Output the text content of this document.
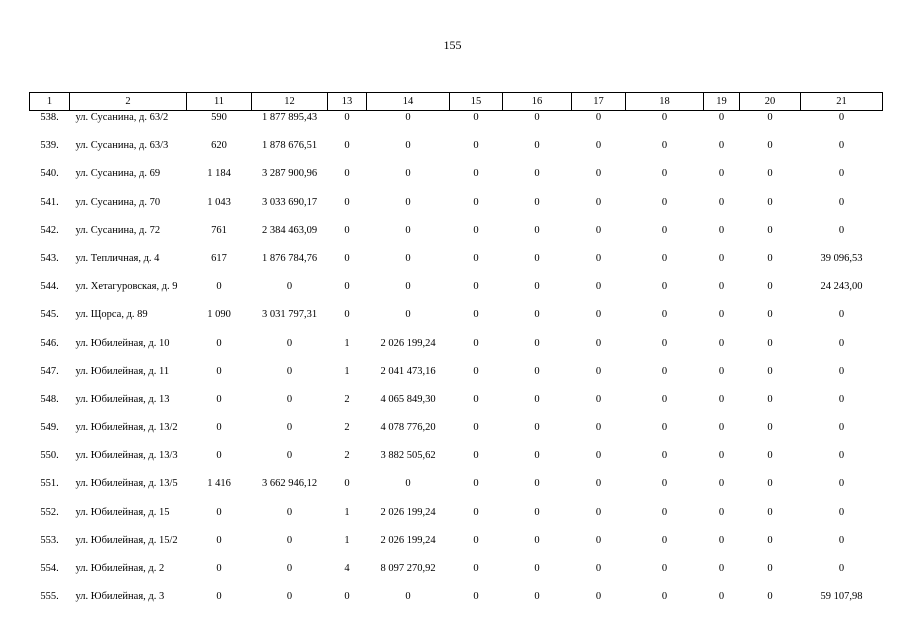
155
1	2	11	12	13	14	15	16	17	18	19	20	21
538.	ул. Сусанина, д. 63/2	590	1 877 895,43	0	0	0	0	0	0	0	0	0
539.	ул. Сусанина, д. 63/3	620	1 878 676,51	0	0	0	0	0	0	0	0	0
540.	ул. Сусанина, д. 69	1 184	3 287 900,96	0	0	0	0	0	0	0	0	0
541.	ул. Сусанина, д. 70	1 043	3 033 690,17	0	0	0	0	0	0	0	0	0
542.	ул. Сусанина, д. 72	761	2 384 463,09	0	0	0	0	0	0	0	0	0
543.	ул. Тепличная, д. 4	617	1 876 784,76	0	0	0	0	0	0	0	0	39 096,53
544.	ул. Хетагуровская, д. 9	0	0	0	0	0	0	0	0	0	0	24 243,00
545.	ул. Щорса, д. 89	1 090	3 031 797,31	0	0	0	0	0	0	0	0	0
546.	ул. Юбилейная, д. 10	0	0	1	2 026 199,24	0	0	0	0	0	0	0
547.	ул. Юбилейная, д. 11	0	0	1	2 041 473,16	0	0	0	0	0	0	0
548.	ул. Юбилейная, д. 13	0	0	2	4 065 849,30	0	0	0	0	0	0	0
549.	ул. Юбилейная, д. 13/2	0	0	2	4 078 776,20	0	0	0	0	0	0	0
550.	ул. Юбилейная, д. 13/3	0	0	2	3 882 505,62	0	0	0	0	0	0	0
551.	ул. Юбилейная, д. 13/5	1 416	3 662 946,12	0	0	0	0	0	0	0	0	0
552.	ул. Юбилейная, д. 15	0	0	1	2 026 199,24	0	0	0	0	0	0	0
553.	ул. Юбилейная, д. 15/2	0	0	1	2 026 199,24	0	0	0	0	0	0	0
554.	ул. Юбилейная, д. 2	0	0	4	8 097 270,92	0	0	0	0	0	0	0
555.	ул. Юбилейная, д. 3	0	0	0	0	0	0	0	0	0	0	59 107,98
